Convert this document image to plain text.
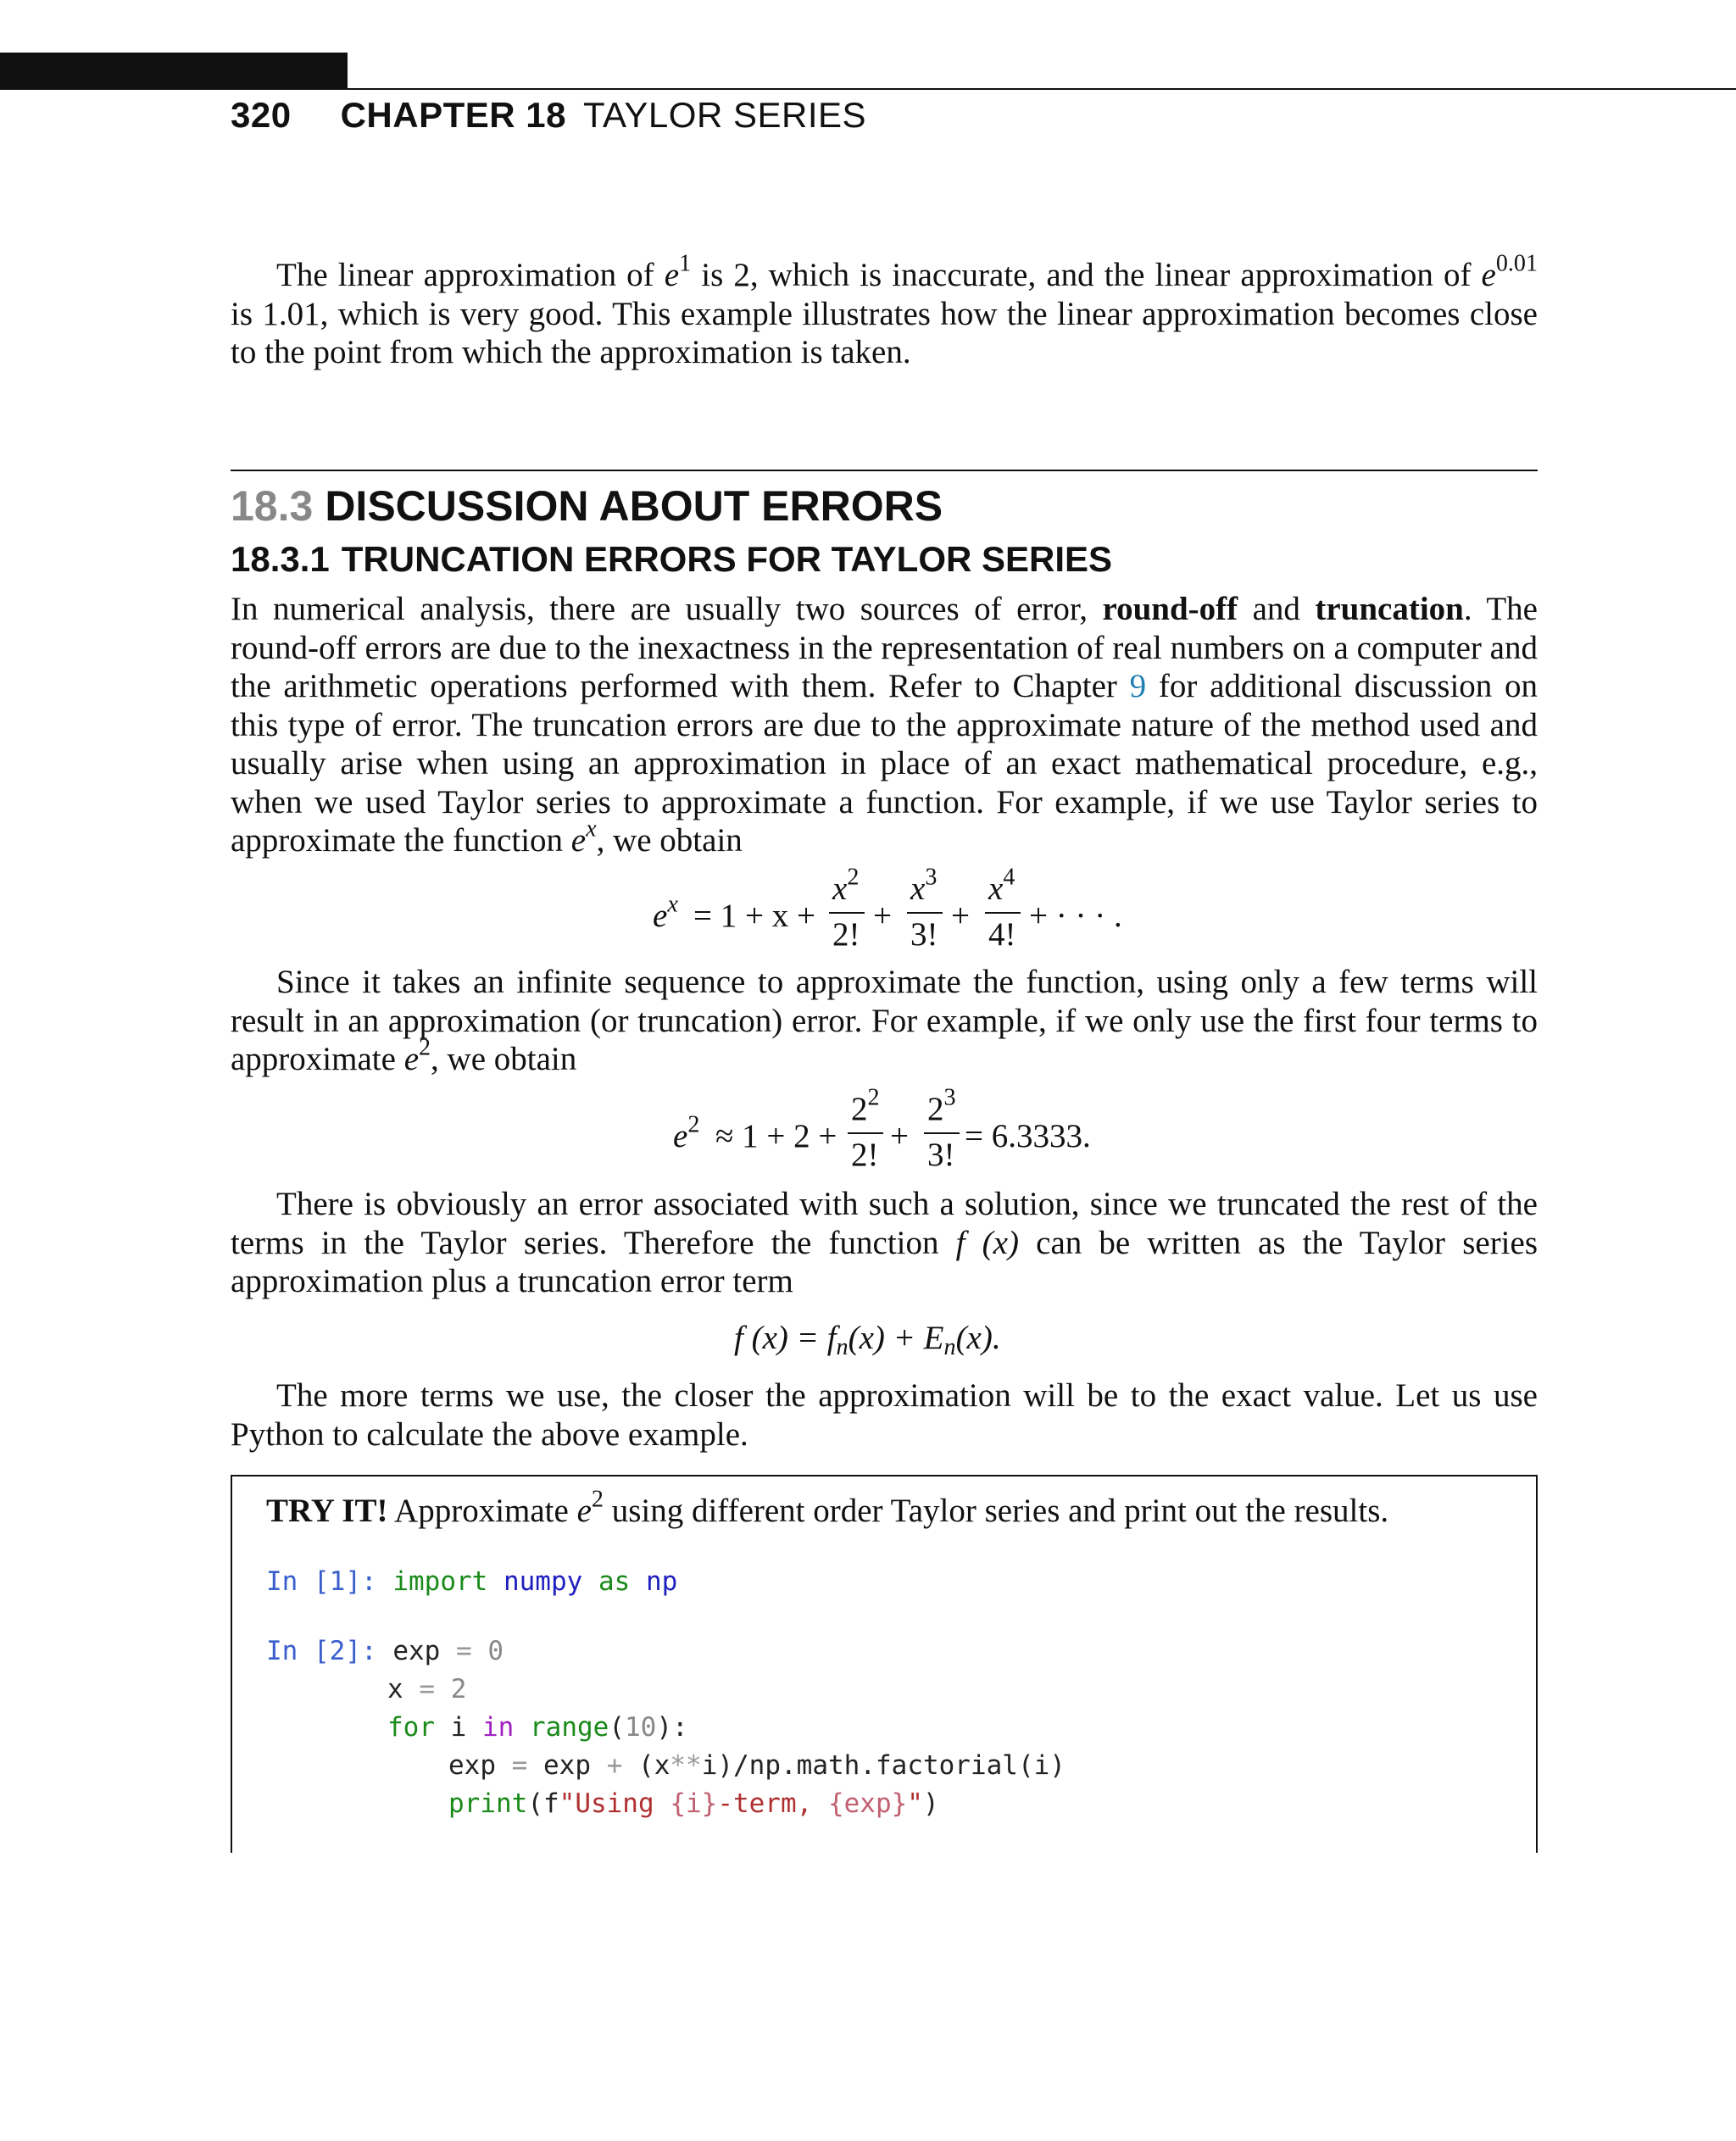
320 CHAPTER 18 TAYLOR SERIES

The linear approximation of $e^1$ is 2, which is inaccurate, and the linear approximation of $e^{0.01}$ is 1.01, which is very good. This example illustrates how the linear approximation becomes close to the point from which the approximation is taken.

18.3 DISCUSSION ABOUT ERRORS
18.3.1 TRUNCATION ERRORS FOR TAYLOR SERIES

In numerical analysis, there are usually two sources of error, round-off and truncation. The round-off errors are due to the inexactness in the representation of real numbers on a computer and the arithmetic operations performed with them. Refer to Chapter 9 for additional discussion on this type of error. The truncation errors are due to the approximate nature of the method used and usually arise when using an approximation in place of an exact mathematical procedure, e.g., when we used Taylor series to approximate a function. For example, if we use Taylor series to approximate the function $e^x$, we obtain

$e^x = 1 + x$ +
$x^2$
2!
+
$x^3$
3!
+
$x^4$
4!
+ · · · .

Since it takes an infinite sequence to approximate the function, using only a few terms will result in an approximation (or truncation) error. For example, if we only use the first four terms to approximate $e^2$, we obtain

$e^2 \approx 1 + 2$ +
$2^2$
2!
+
$2^3$
3!
= 6.3333.

There is obviously an error associated with such a solution, since we truncated the rest of the terms in the Taylor series. Therefore the function f (x) can be written as the Taylor series approximation plus a truncation error term

f $(x) = f_n(x) + E_n(x)$.

The more terms we use, the closer the approximation will be to the exact value. Let us use Python to calculate the above example.

TRY IT! Approximate $e^2$ using different order Taylor series and print out the results.
In [1]: import numpy as np
In [2]: exp = 0
x = 2
for i in range(10):
exp = exp + (x**i)/np.math.factorial(i)
print(f"Using {i}-term, {exp}")
